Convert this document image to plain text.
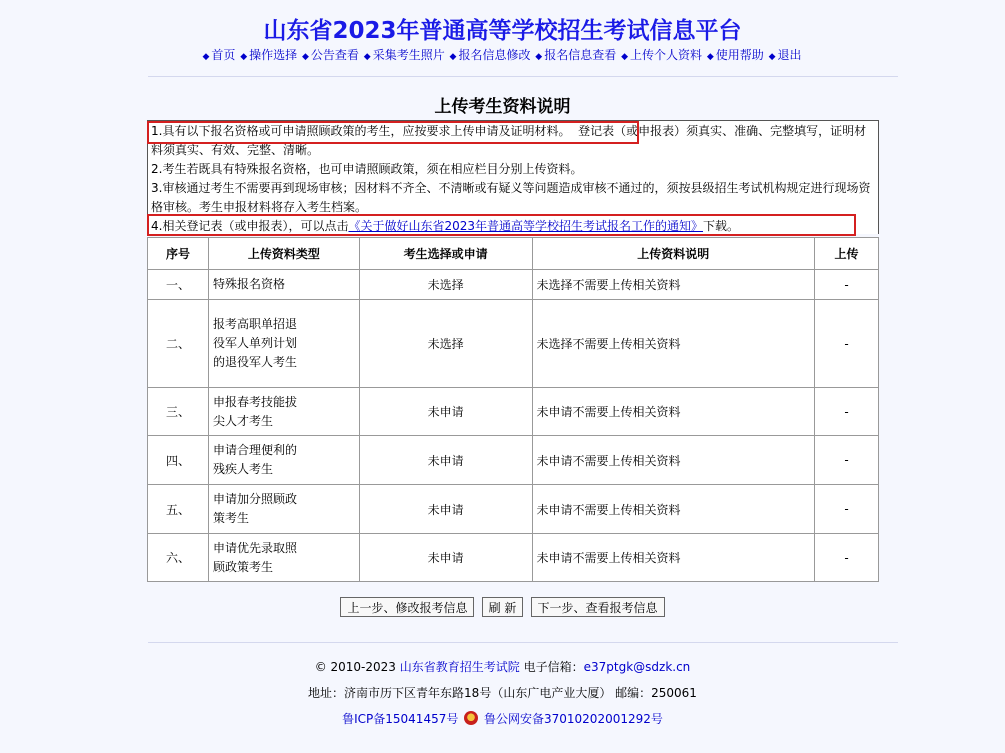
山东省2023年普通高等学校招生考试信息平台
◆ 首页 ◆ 操作选择 ◆ 公告查看 ◆ 采集考生照片 ◆ 报名信息修改 ◆ 报名信息查看 ◆ 上传个人资料 ◆ 使用帮助 ◆ 退出
上传考生资料说明

1.具有以下报名资格或可申请照顾政策的考生，应按要求上传申请及证明材料。 登记表（或申报表）须真实、准确、完整填写，证明材料须真实、有效、完整、清晰。

2.考生若既具有特殊报名资格，也可申请照顾政策，须在相应栏目分别上传资料。

3.审核通过考生不需要再到现场审核；因材料不齐全、不清晰或有疑义等问题造成审核不通过的，须按县级招生考试机构规定进行现场资格审核。考生申报材料将存入考生档案。

4.相关登记表（或申报表），可以点击《关于做好山东省2023年普通高等学校招生考试报名工作的通知》下载。

序号	上传资料类型	考生选择或申请	上传资料说明	上传
一、	特殊报名资格	未选择	未选择不需要上传相关资料	-
二、	报考高职单招退役军人单列计划的退役军人考生	未选择	未选择不需要上传相关资料	-
三、	申报春考技能拔尖人才考生	未申请	未申请不需要上传相关资料	-
四、	申请合理便利的残疾人考生	未申请	未申请不需要上传相关资料	-
五、	申请加分照顾政策考生	未申请	未申请不需要上传相关资料	-
六、	申请优先录取照顾政策考生	未申请	未申请不需要上传相关资料	-
上一步、修改报考信息 刷 新 下一步、查看报考信息
© 2010-2023 山东省教育招生考试院 电子信箱：e37ptgk@sdzk.cn
地址：济南市历下区青年东路18号（山东广电产业大厦） 邮编：250061
鲁ICP备15041457号 鲁公网安备37010202001292号
